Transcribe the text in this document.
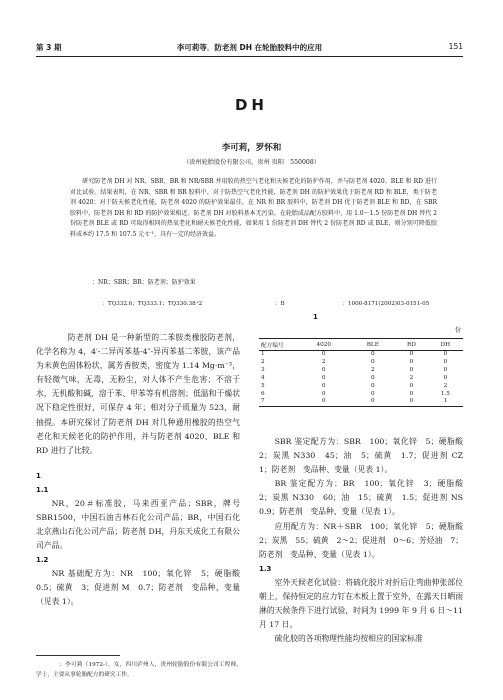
第 3 期	李可莉等．防老剂 DH 在轮胎胶料中的应用	151
DH
李可莉，罗怀和
（贵州轮胎股份有限公司，贵州 贵阳　550008）
　　研究防老剂 DH 对 NR、SBR、BR 和 NR/SBR 并用胶的热空气老化和天候老化的防护作用，并与防老剂 4020、BLE 和 RD 进行对比试验。结果表明，在 NR、SBR 和 BR 胶料中，对于防热空气老化性能，防老剂 DH 的防护效果优于防老剂 RD 和 BLE，类于防老剂 4020；对于防天候老化性能，防老剂 4020 的防护效果最佳，在 NR 和 BR 胶料中，防老剂 DH 优于防老剂 BLE 和 RD，在 SBR 胶料中，防老剂 DH 和 RD 的防护效果相近。防老剂 DH 对胶料基本无污染。在轮胎成品配方胶料中，用 1.0～1.5 份防老剂 DH 替代 2 份防老剂 BLE 或 RD 可取得相同的热氧老化和耐天候老化性能，如果用 1 份防老剂 DH 替代 2 份防老剂 RD 或 BLE，则分别可降低胶料成本约 17.5 和 107.5 元·t⁻¹，具有一定的经济效益。
　　：NR；SBR；BR；防老剂；防护效果
　　　　：TQ332.6；TQ333.1；TQ330.38⁺2	：B	　　　　：1000-8171(2002)03-0151-05

　　防老剂 DH 是一种新型的二苯胺类橡胶防老剂，化学名称为 4，4′-二异丙苯基-4″-异丙苯基二苯胺，该产品为米黄色固体粉状，属芳香胺类，密度为 1.14 Mg·m⁻³，有轻微气味，无毒，无粉尘，对人体不产生危害；不溶于水，无机酸和碱，溶于苯、甲苯等有机溶剂；低温和干燥状况下稳定性很好，可保存 4 年；相对分子质量为 523，耐抽提。本研究探讨了防老剂 DH 对几种通用橡胶的热空气老化和天候老化的防护作用，并与防老剂 4020、BLE 和 RD 进行了比较。

1
1.1

NR，20＃标准胶，马来西亚产品；SBR，牌号 SBR1500，中国石油吉林石化公司产品；BR，中国石化北京燕山石化公司产品；防老剂 DH，丹东天成化工有限公司产品。

1.2

NR 基础配方为：NR　100；氧化锌　5；硬脂酸　0.5；硫黄　3；促进剂 M　0.7；防老剂　变品种，变量（见表 1）。

　　　　：李可莉（1972-），女，四川泸州人，贵州轮胎股份有限公司工程师，学士，主要从事轮胎配方的研究工作。
1
份
配方编号	4020	BLE	RD	DH
1	0	0	0	0
2	2	0	0	0
3	0	2	0	0
4	0	0	2	0
5	0	0	0	2
6	0	0	0	1.5
7	0	0	0	1

SBR 鉴定配方为：SBR　100；氧化锌　5；硬脂酸　2；炭黑 N330　45；油　5；硫黄　1.7；促进剂 CZ　1；防老剂　变品种、变量（见表 1）。

BR 鉴定配方为：BR　100；氧化锌　3；硬脂酸　2；炭黑 N330　60；油　15；硫黄　1.5；促进剂 NS　0.9；防老剂　变品种、变量（见表 1）。

应用配方为：NR＋SBR　100；氧化锌　5；硬脂酸　2；炭黑　55；硫黄　2～2；促进剂　0～6；芳烃油　7；防老剂　变品种、变量（见表 1）。

1.3

室外天候老化试验：将硫化胶片对折后让弯曲伸张部位朝上，保持恒定的应力钉在木板上置于室外，在露天日晒雨淋的天候条件下进行试验，时间为 1999 年 9 月 6 日～11 月 17 日。

硫化胶的各项物理性能均按相应的国家标准
